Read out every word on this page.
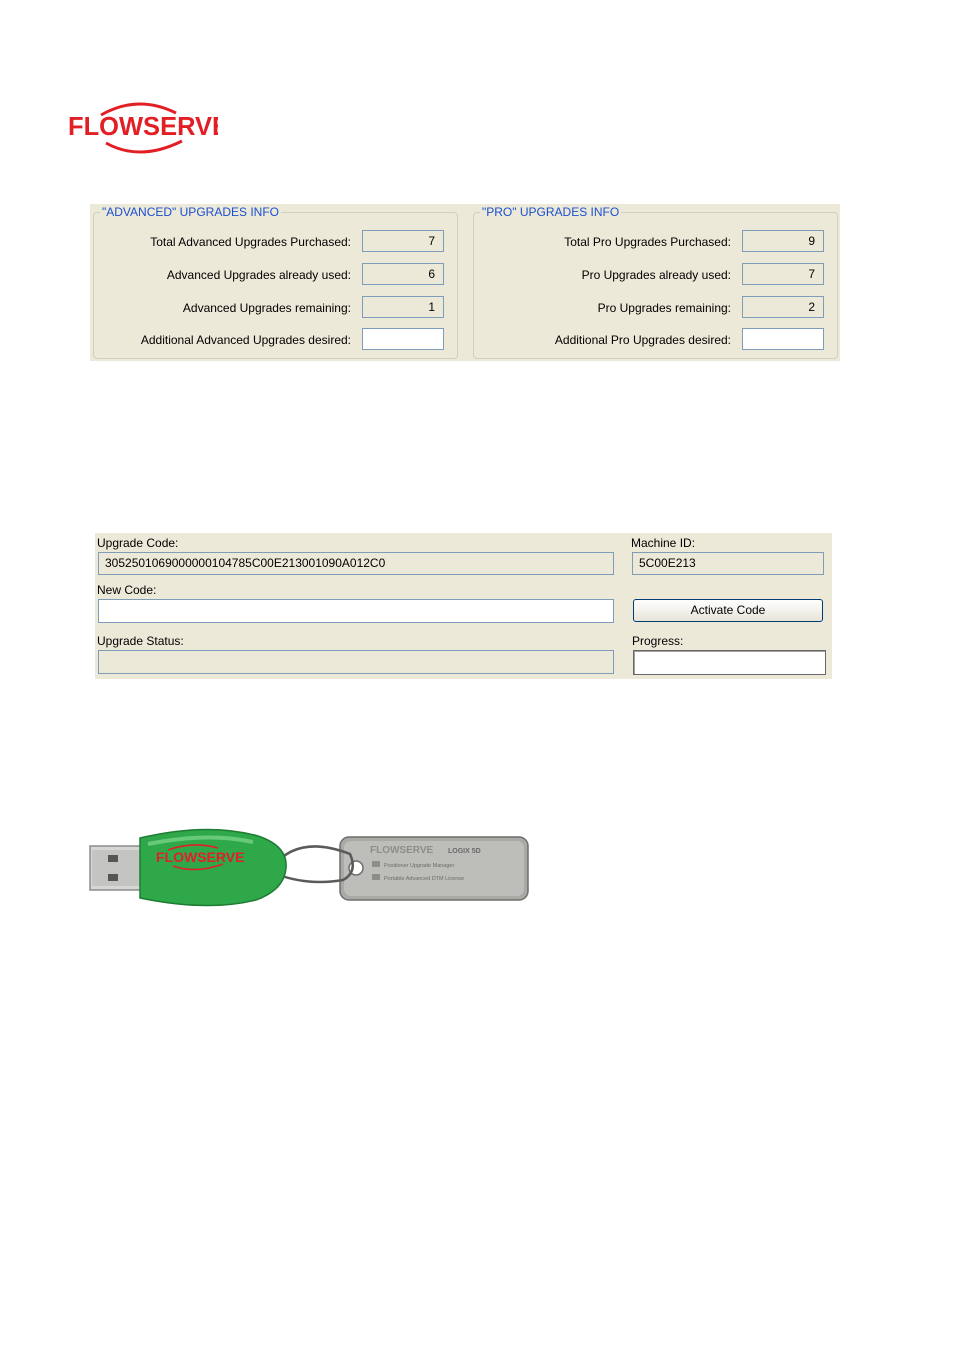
FLOWSERVE
"ADVANCED" UPGRADES INFO
Total Advanced Upgrades Purchased:	7
Advanced Upgrades already used:	6
Advanced Upgrades remaining:	1
Additional Advanced Upgrades desired:
"PRO" UPGRADES INFO
Total Pro Upgrades Purchased:	9
Pro Upgrades already used:	7
Pro Upgrades remaining:	2
Additional Pro Upgrades desired:
Upgrade Code:
3052501069000000104785C00E213001090A012C0
Machine ID:
5C00E213
New Code:
Activate Code
Upgrade Status:	Progress:
FLOWSERVE LOGIX 5D
Positioner Upgrade Manager
Portable Advanced DTM License
FLOWSERVE
